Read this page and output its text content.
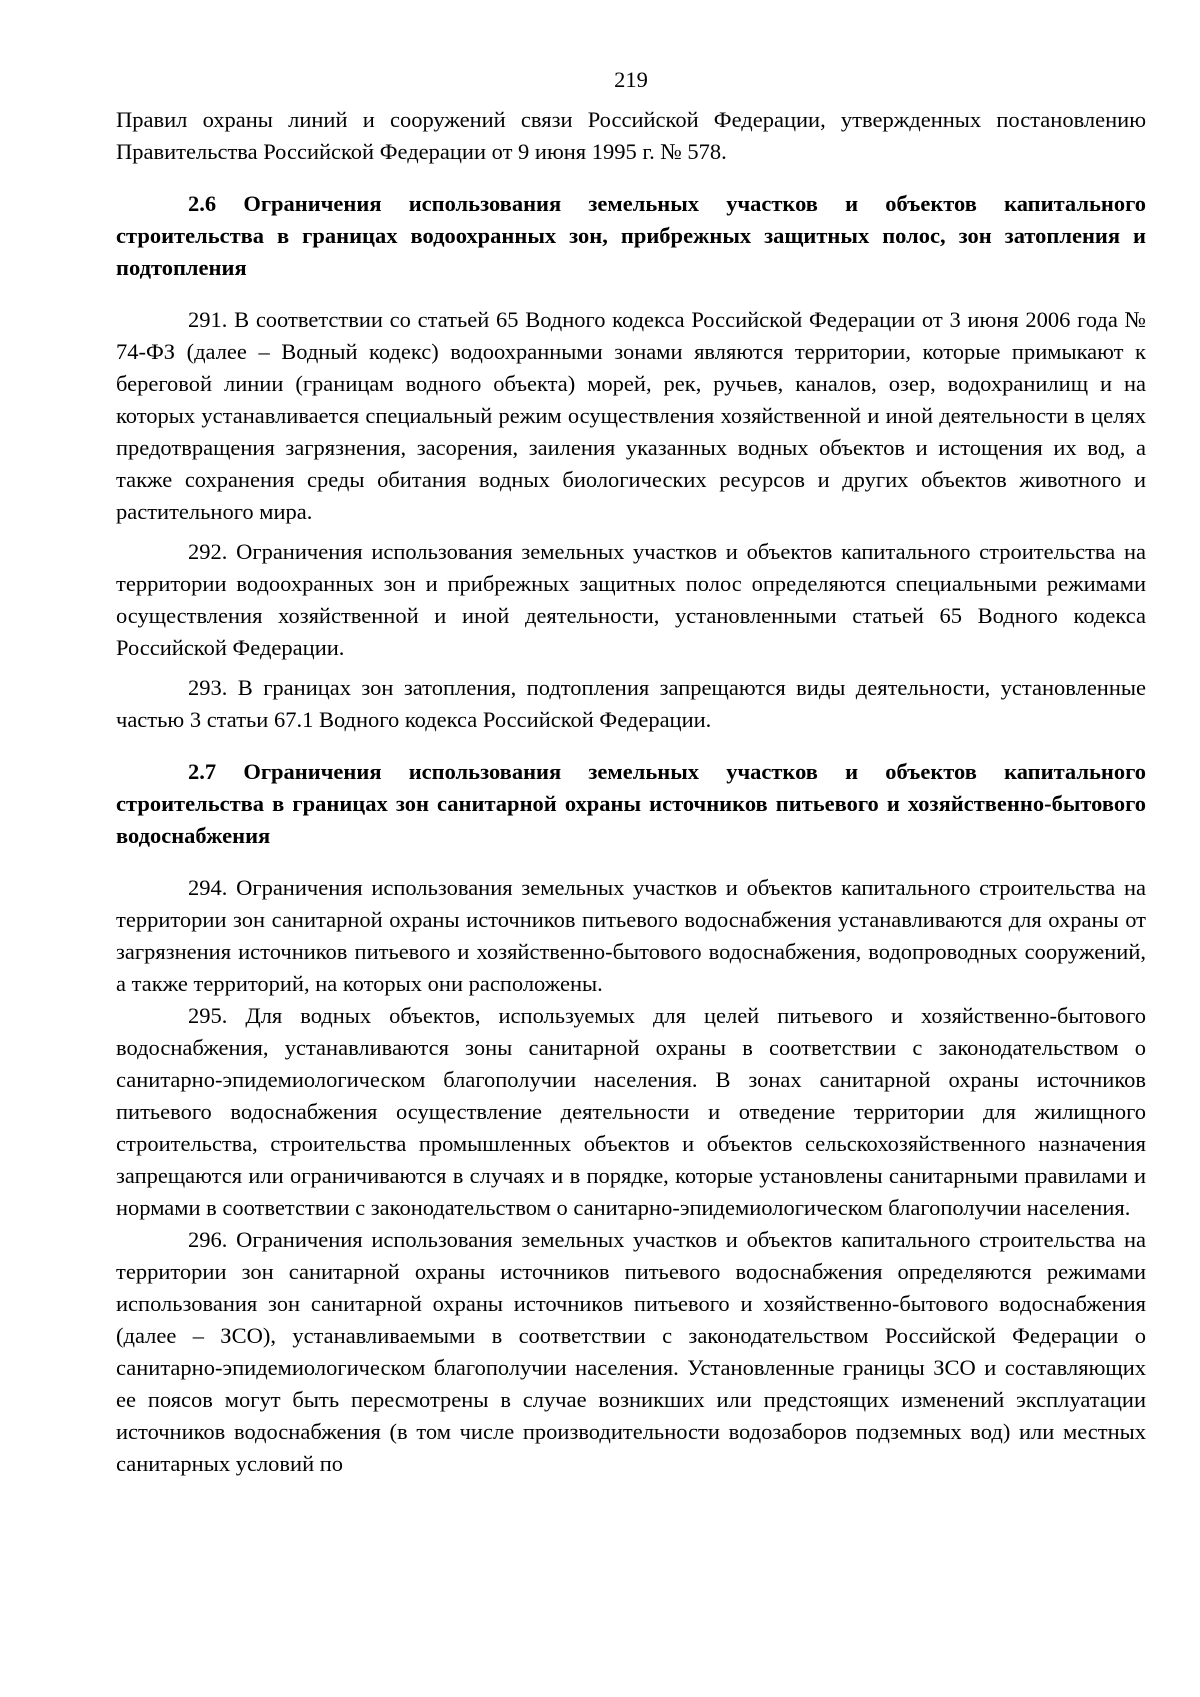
219

Правил охраны линий и сооружений связи Российской Федерации, утвержденных постановлению Правительства Российской Федерации от 9 июня 1995 г. № 578.

2.6 Ограничения использования земельных участков и объектов капитального строительства в границах водоохранных зон, прибрежных защитных полос, зон затопления и подтопления

291. В соответствии со статьей 65 Водного кодекса Российской Федерации от 3 июня 2006 года № 74-ФЗ (далее – Водный кодекс) водоохранными зонами являются территории, которые примыкают к береговой линии (границам водного объекта) морей, рек, ручьев, каналов, озер, водохранилищ и на которых устанавливается специальный режим осуществления хозяйственной и иной деятельности в целях предотвращения загрязнения, засорения, заиления указанных водных объектов и истощения их вод, а также сохранения среды обитания водных биологических ресурсов и других объектов животного и растительного мира.

292. Ограничения использования земельных участков и объектов капитального строительства на территории водоохранных зон и прибрежных защитных полос определяются специальными режимами осуществления хозяйственной и иной деятельности, установленными статьей 65 Водного кодекса Российской Федерации.

293. В границах зон затопления, подтопления запрещаются виды деятельности, установленные частью 3 статьи 67.1 Водного кодекса Российской Федерации.

2.7 Ограничения использования земельных участков и объектов капитального строительства в границах зон санитарной охраны источников питьевого и хозяйственно-бытового водоснабжения

294. Ограничения использования земельных участков и объектов капитального строительства на территории зон санитарной охраны источников питьевого водоснабжения устанавливаются для охраны от загрязнения источников питьевого и хозяйственно-бытового водоснабжения, водопроводных сооружений, а также территорий, на которых они расположены.

295. Для водных объектов, используемых для целей питьевого и хозяйственно-бытового водоснабжения, устанавливаются зоны санитарной охраны в соответствии с законодательством о санитарно-эпидемиологическом благополучии населения. В зонах санитарной охраны источников питьевого водоснабжения осуществление деятельности и отведение территории для жилищного строительства, строительства промышленных объектов и объектов сельскохозяйственного назначения запрещаются или ограничиваются в случаях и в порядке, которые установлены санитарными правилами и нормами в соответствии с законодательством о санитарно-эпидемиологическом благополучии населения.

296. Ограничения использования земельных участков и объектов капитального строительства на территории зон санитарной охраны источников питьевого водоснабжения определяются режимами использования зон санитарной охраны источников питьевого и хозяйственно-бытового водоснабжения (далее – ЗСО), устанавливаемыми в соответствии с законодательством Российской Федерации о санитарно-эпидемиологическом благополучии населения. Установленные границы ЗСО и составляющих ее поясов могут быть пересмотрены в случае возникших или предстоящих изменений эксплуатации источников водоснабжения (в том числе производительности водозаборов подземных вод) или местных санитарных условий по
